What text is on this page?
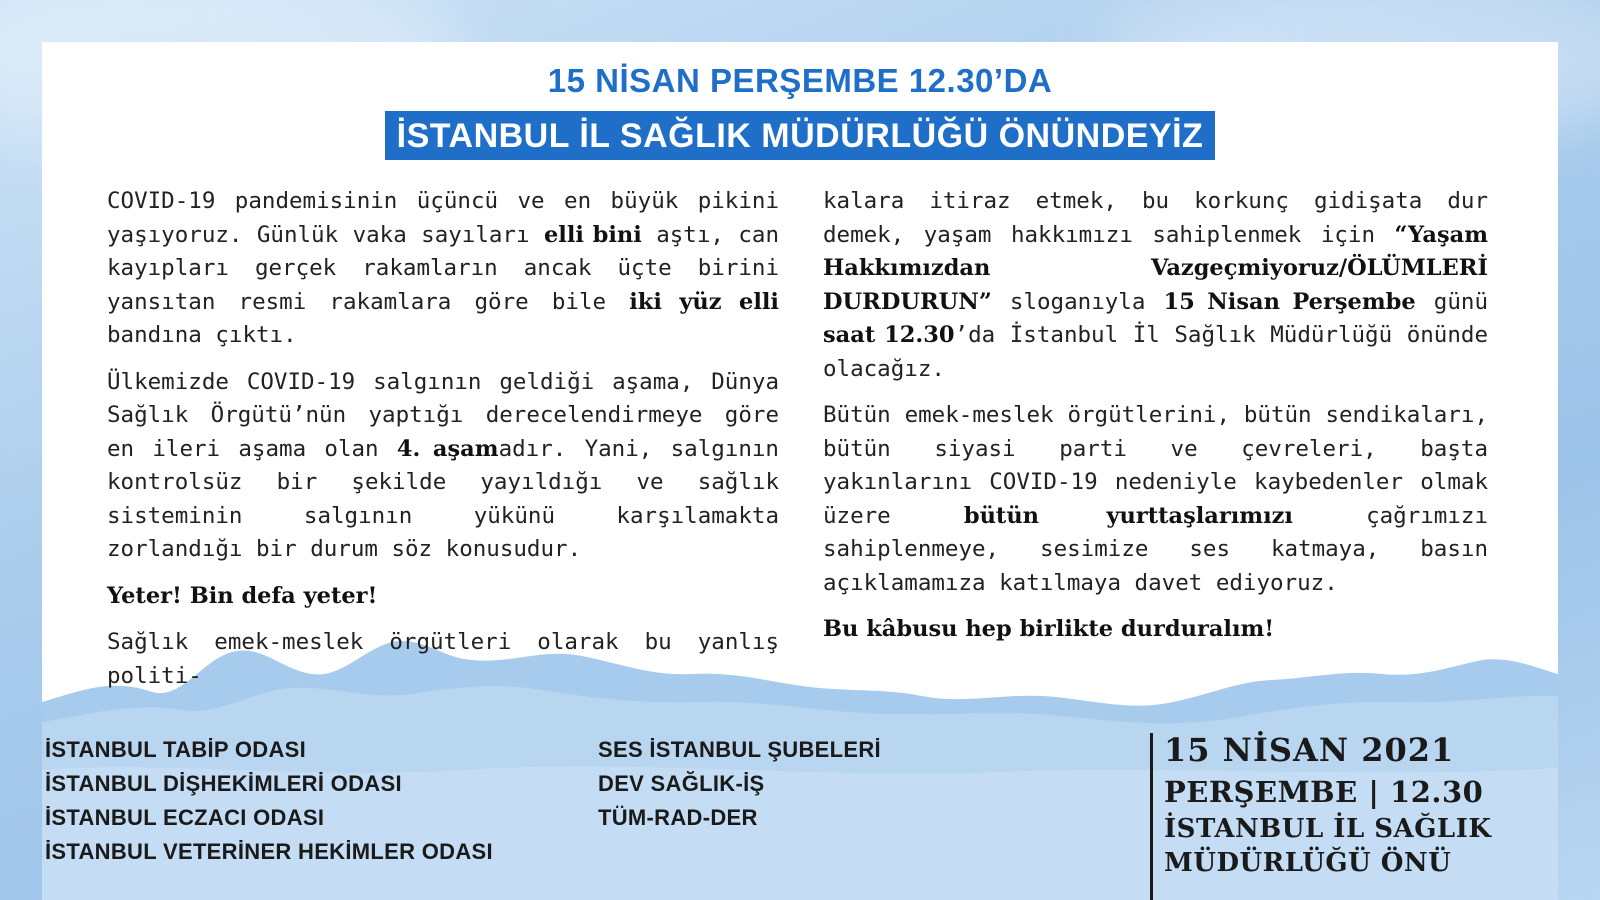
15 NİSAN PERŞEMBE 12.30’DA
İSTANBUL İL SAĞLIK MÜDÜRLÜĞÜ ÖNÜNDEYİZ

COVID-19 pandemisinin üçüncü ve en büyük pikini yaşıyoruz. Günlük vaka sayıları elli bini aştı, can kayıpları gerçek rakamların ancak üçte birini yansıtan resmi rakamlara göre bile iki yüz elli bandına çıktı.

Ülkemizde COVID-19 salgının geldiği aşama, Dünya Sağlık Örgütü’nün yaptığı derecelendirmeye göre en ileri aşama olan 4. aşamadır. Yani, salgının kontrolsüz bir şekilde yayıldığı ve sağlık sisteminin salgının yükünü karşılamakta zorlandığı bir durum söz konusudur.

Yeter! Bin defa yeter!

Sağlık emek-meslek örgütleri olarak bu yanlış politi-

kalara itiraz etmek, bu korkunç gidişata dur demek, yaşam hakkımızı sahiplenmek için “Yaşam Hakkımızdan Vazgeçmiyoruz/ÖLÜMLERİ DURDURUN” sloganıyla 15 Nisan Perşembe günü saat 12.30’da İstanbul İl Sağlık Müdürlüğü önünde olacağız.

Bütün emek-meslek örgütlerini, bütün sendikaları, bütün siyasi parti ve çevreleri, başta yakınlarını COVID-19 nedeniyle kaybedenler olmak üzere bütün yurttaşlarımızı çağrımızı sahiplenmeye, sesimize ses katmaya, basın açıklamamıza katılmaya davet ediyoruz.

Bu kâbusu hep birlikte durduralım!

İSTANBUL TABİP ODASI
İSTANBUL DİŞHEKİMLERİ ODASI
İSTANBUL ECZACI ODASI
İSTANBUL VETERİNER HEKİMLER ODASI
SES İSTANBUL ŞUBELERİ
DEV SAĞLIK-İŞ
TÜM-RAD-DER
15 NİSAN 2021
PERŞEMBE | 12.30
İSTANBUL İL SAĞLIK
MÜDÜRLÜĞÜ ÖNÜ
